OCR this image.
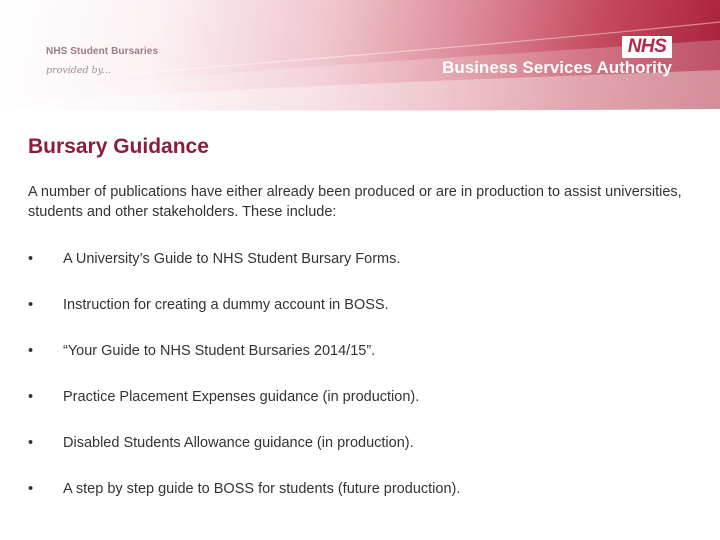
NHS Student Bursaries
provided by...
NHS
Business Services Authority
Bursary Guidance

A number of publications have either already been produced or are in production to assist universities, students and other stakeholders. These include:

•	A University’s Guide to NHS Student Bursary Forms.
•	Instruction for creating a dummy account in BOSS.
•	“Your Guide to NHS Student Bursaries 2014/15”.
•	Practice Placement Expenses guidance (in production).
•	Disabled Students Allowance guidance (in production).
•	A step by step guide to BOSS for students (future production).
